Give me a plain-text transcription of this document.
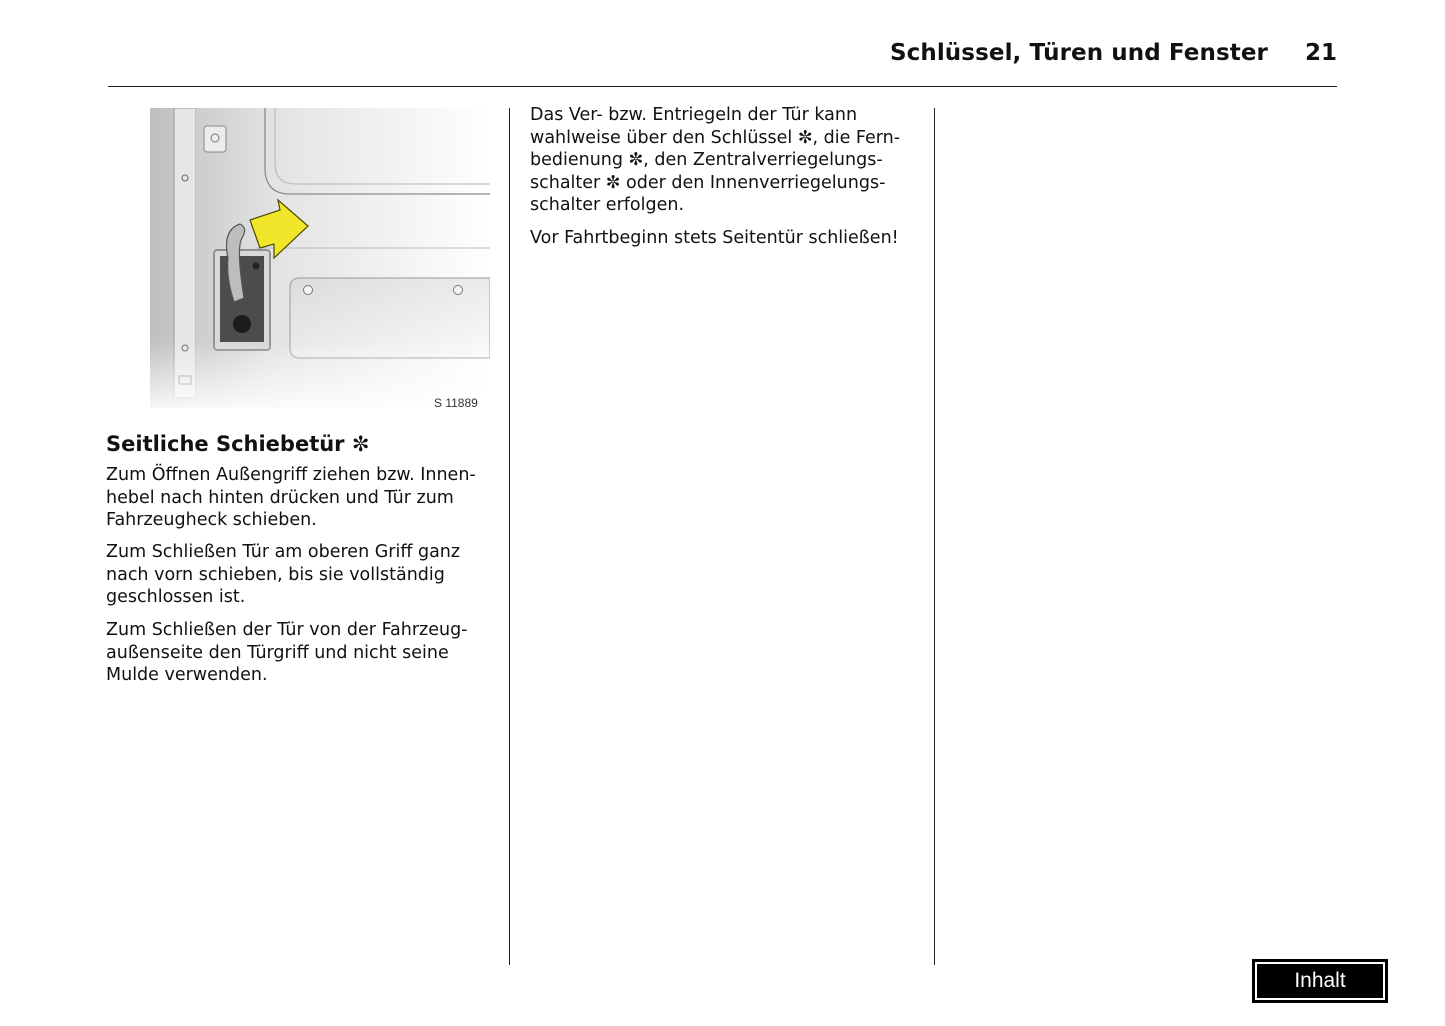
Schlüssel, Türen und Fenster 21
S 11889
Seitliche Schiebetür ✼

Zum Öffnen Außengriff ziehen bzw. Innen-
hebel nach hinten drücken und Tür zum
Fahrzeugheck schieben.

Zum Schließen Tür am oberen Griff ganz
nach vorn schieben, bis sie vollständig
geschlossen ist.

Zum Schließen der Tür von der Fahrzeug-
außenseite den Türgriff und nicht seine
Mulde verwenden.

Das Ver- bzw. Entriegeln der Tür kann
wahlweise über den Schlüssel ✼, die Fern-
bedienung ✼, den Zentralverriegelungs-
schalter ✼ oder den Innenverriegelungs-
schalter erfolgen.

Vor Fahrtbeginn stets Seitentür schließen!

Inhalt
